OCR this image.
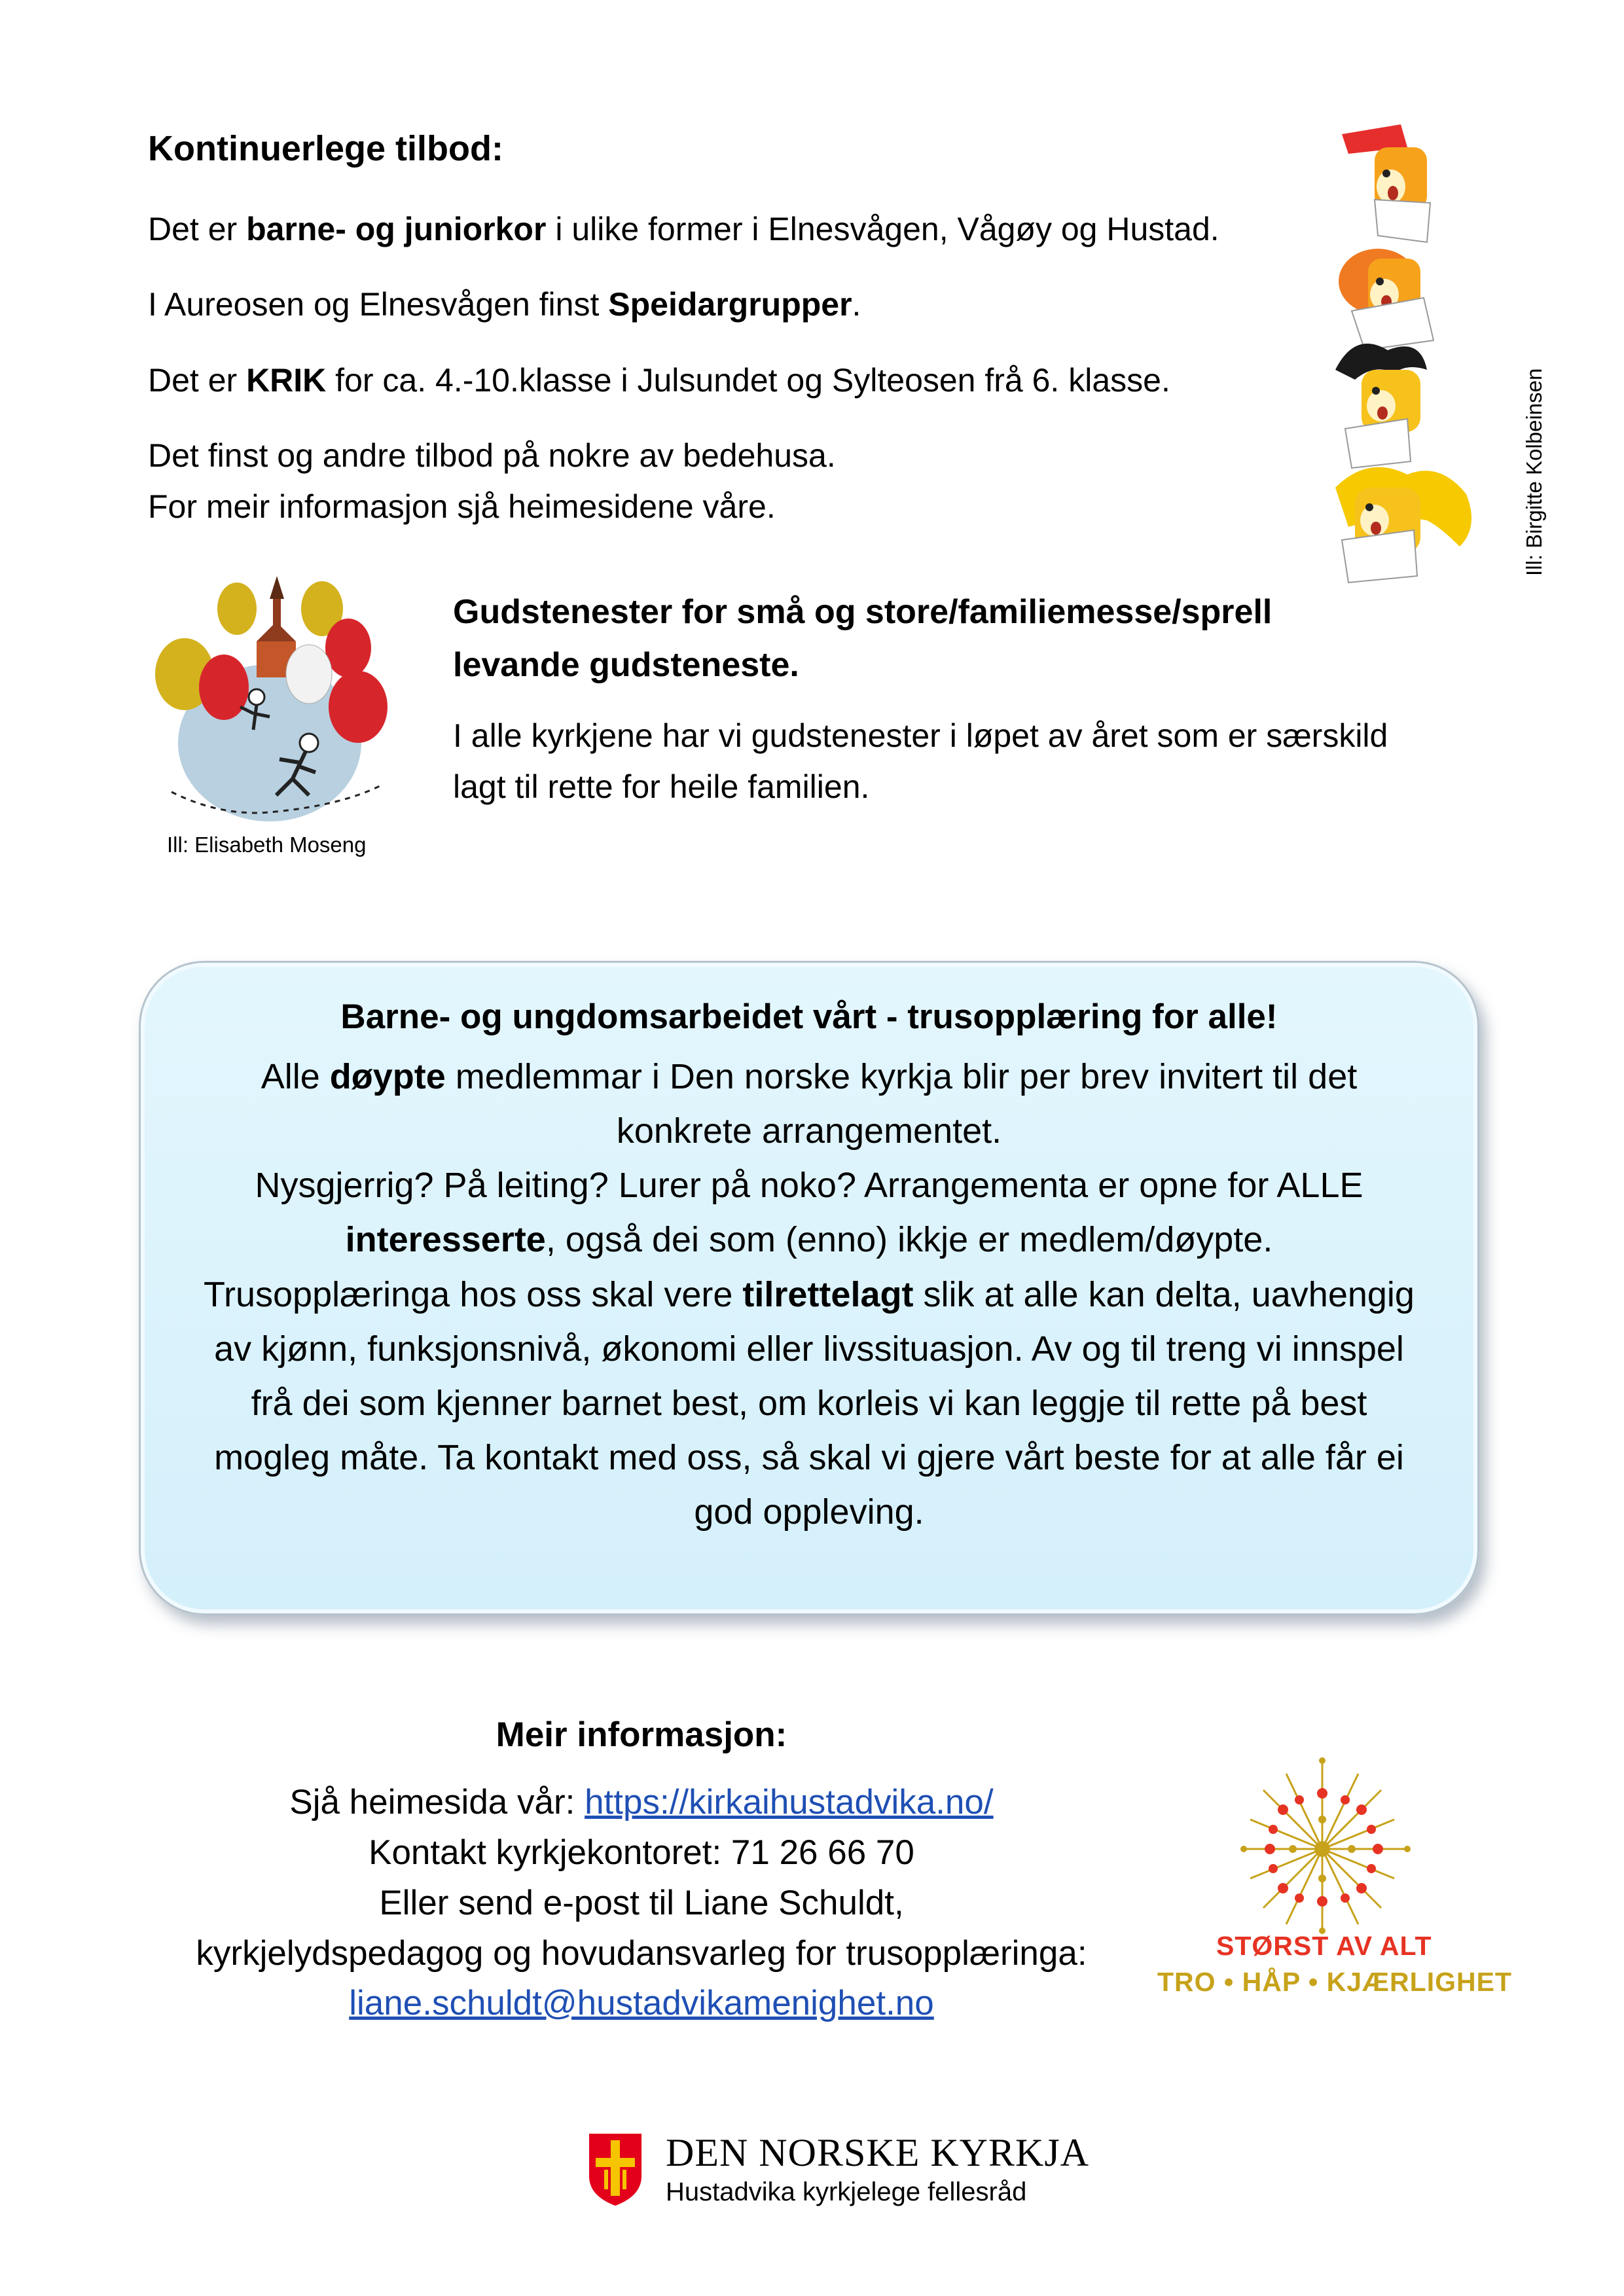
Kontinuerlege tilbod:

Det er barne- og juniorkor i ulike former i Elnesvågen, Vågøy og Hustad.

I Aureosen og Elnesvågen finst Speidargrupper.

Det er KRIK for ca. 4.-10.klasse i Julsundet og Sylteosen frå 6. klasse.

Det finst og andre tilbod på nokre av bedehusa.

For meir informasjon sjå heimesidene våre.	Ill: Birgitte Kolbeinsen
Ill: Elisabeth Moseng
Gudstenester for små og store/familiemesse/sprell
levande gudsteneste.

I alle kyrkjene har vi gudstenester i løpet av året som er særskild

lagt til rette for heile familien.

Barne- og ungdomsarbeidet vårt - trusopplæring for alle!
Alle døypte medlemmar i Den norske kyrkja blir per brev invitert til det
konkrete arrangementet.
Nysgjerrig? På leiting? Lurer på noko? Arrangementa er opne for ALLE
interesserte, også dei som (enno) ikkje er medlem/døypte.
Trusopplæringa hos oss skal vere tilrettelagt slik at alle kan delta, uavhengig
av kjønn, funksjonsnivå, økonomi eller livssituasjon. Av og til treng vi innspel
frå dei som kjenner barnet best, om korleis vi kan leggje til rette på best
mogleg måte. Ta kontakt med oss, så skal vi gjere vårt beste for at alle får ei
god oppleving.
Meir informasjon:

Sjå heimesida vår: https://kirkaihustadvika.no/

Kontakt kyrkjekontoret: 71 26 66 70

Eller send e-post til Liane Schuldt,

kyrkjelydspedagog og hovudansvarleg for trusopplæringa:

liane.schuldt@hustadvikamenighet.no

STØRST AV ALT
TRO • HÅP • KJÆRLIGHET
DEN NORSKE KYRKJA
Hustadvika kyrkjelege fellesråd
